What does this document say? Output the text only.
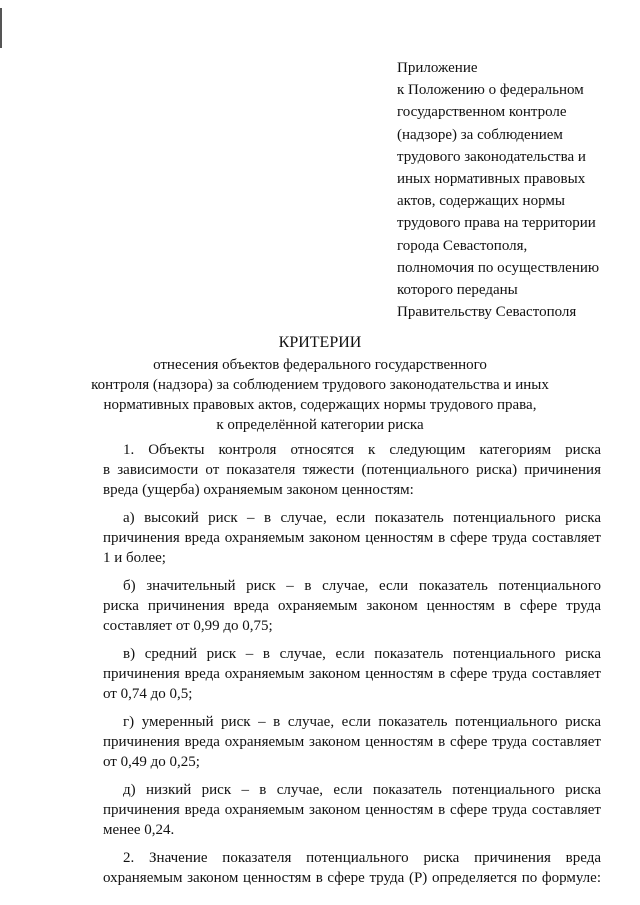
Приложение
к Положению о федеральном
государственном контроле
(надзоре) за соблюдением
трудового законодательства и
иных нормативных правовых
актов, содержащих нормы
трудового права на территории
города Севастополя,
полномочия по осуществлению
которого переданы
Правительству Севастополя
КРИТЕРИИ
отнесения объектов федерального государственного
контроля (надзора) за соблюдением трудового законодательства и иных
нормативных правовых актов, содержащих нормы трудового права,
к определённой категории риска
1. Объекты контроля относятся к следующим категориям риска
в зависимости от показателя тяжести (потенциального риска) причинения
вреда (ущерба) охраняемым законом ценностям:
а) высокий риск – в случае, если показатель потенциального риска
причинения вреда охраняемым законом ценностям в сфере труда составляет
1 и более;
б) значительный риск – в случае, если показатель потенциального
риска причинения вреда охраняемым законом ценностям в сфере труда
составляет от 0,99 до 0,75;
в) средний риск – в случае, если показатель потенциального риска
причинения вреда охраняемым законом ценностям в сфере труда составляет
от 0,74 до 0,5;
г) умеренный риск – в случае, если показатель потенциального риска
причинения вреда охраняемым законом ценностям в сфере труда составляет
от 0,49 до 0,25;
д) низкий риск – в случае, если показатель потенциального риска
причинения вреда охраняемым законом ценностям в сфере труда составляет
менее 0,24.
2. Значение показателя потенциального риска причинения вреда
охраняемым законом ценностям в сфере труда (Р) определяется по формуле:
